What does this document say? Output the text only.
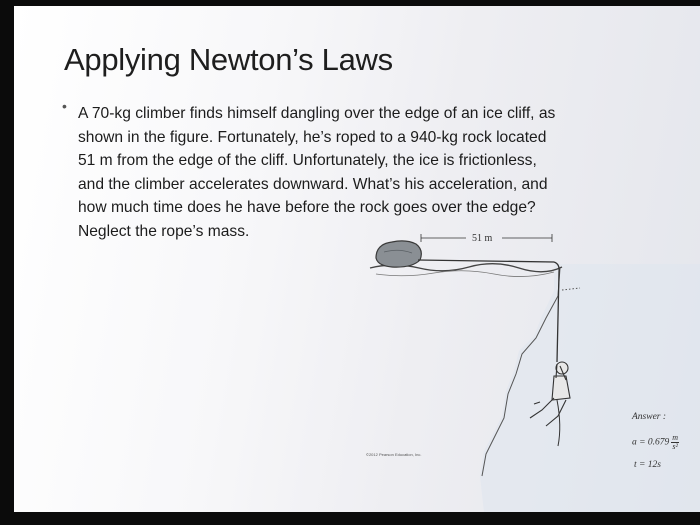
Applying Newton’s Laws
• A 70-kg climber finds himself dangling over the edge of an ice cliff, as
shown in the figure. Fortunately, he’s roped to a 940-kg rock located
51 m from the edge of the cliff. Unfortunately, the ice is frictionless,
and the climber accelerates downward. What’s his acceleration, and
how much time does he have before the rock goes over the edge?
Neglect the rope’s mass.	51 m
Answer :
$a = 0.679 \frac{m}{\text{s²}}$
t = 12s
©2012 Pearson Education, Inc.
